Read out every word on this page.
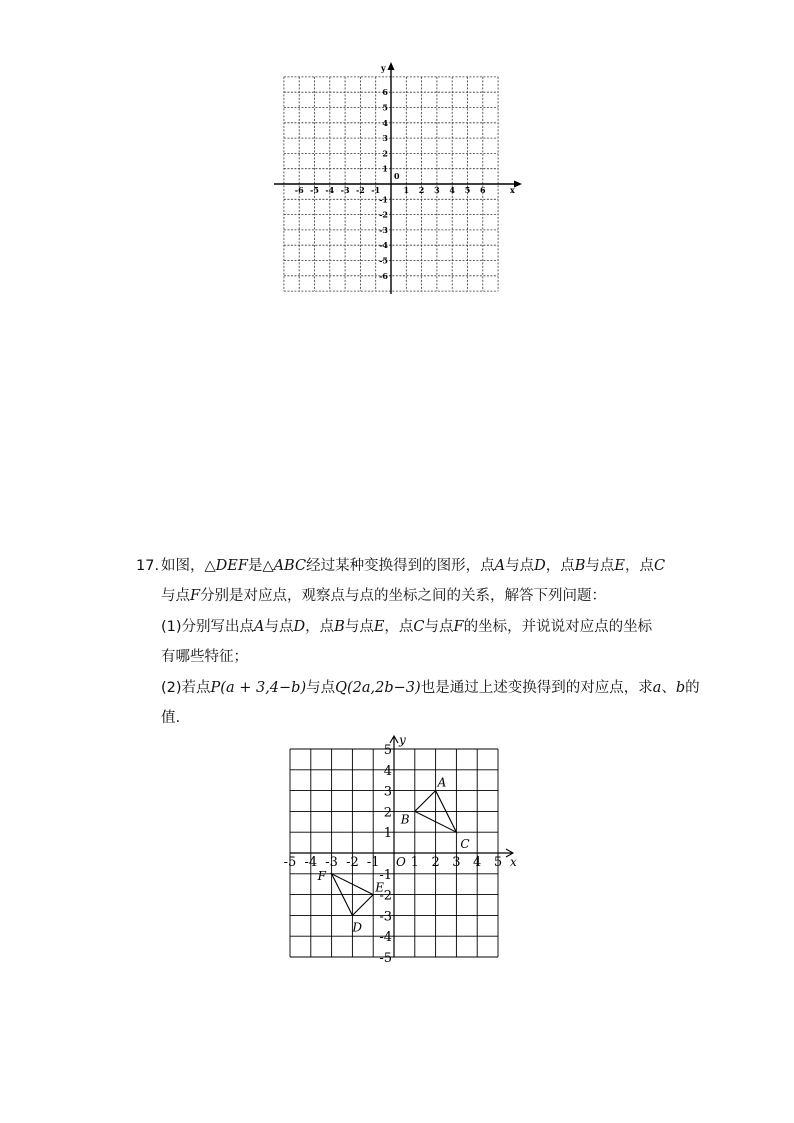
x
y
0
-6 -5 -4 -3 -2 -1	1 2 3 4 5 6
6
5
4
3
2
1
-1
-2
-3
-4
-5
-6
17. 如图，△DEF是△ABC经过某种变换得到的图形，点A与点D，点B与点E，点C
与点F分别是对应点，观察点与点的坐标之间的关系，解答下列问题：
(1)分别写出点A与点D，点B与点E，点C与点F的坐标，并说说对应点的坐标
有哪些特征；
(2)若点P(a + 3,4−b)与点Q(2a,2b−3)也是通过上述变换得到的对应点，求a、b的
值.
x
y
O
-5 -4 -3 -2 -1 1 2 3 4 5
5
4
3
2
1
-1
-2
-3
-4
-5
A
B
C
D
E
F
